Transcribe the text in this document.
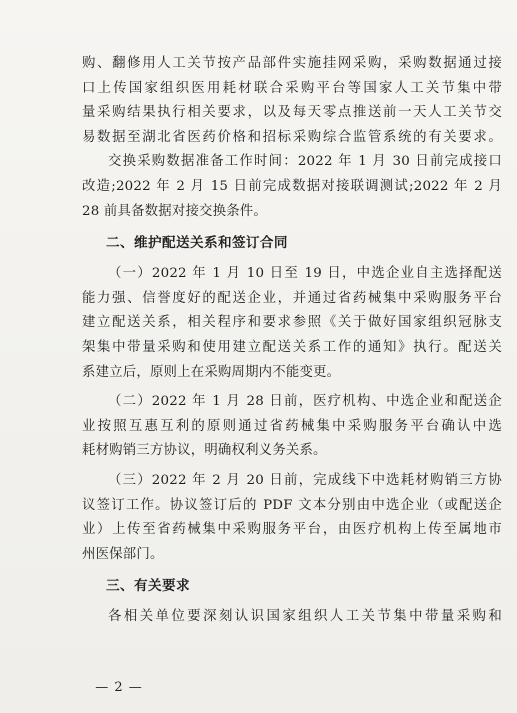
购、翻修用人工关节按产品部件实施挂网采购，采购数据通过接
口上传国家组织医用耗材联合采购平台等国家人工关节集中带
量采购结果执行相关要求，以及每天零点推送前一天人工关节交
易数据至湖北省医药价格和招标采购综合监管系统的有关要求。
交换采购数据准备工作时间：2022 年 1 月 30 日前完成接口
改造;2022 年 2 月 15 日前完成数据对接联调测试;2022 年 2 月
28 前具备数据对接交换条件。
二、维护配送关系和签订合同
（一）2022 年 1 月 10 日至 19 日，中选企业自主选择配送
能力强、信誉度好的配送企业，并通过省药械集中采购服务平台
建立配送关系，相关程序和要求参照《关于做好国家组织冠脉支
架集中带量采购和使用建立配送关系工作的通知》执行。配送关
系建立后，原则上在采购周期内不能变更。
（二）2022 年 1 月 28 日前，医疗机构、中选企业和配送企
业按照互惠互利的原则通过省药械集中采购服务平台确认中选
耗材购销三方协议，明确权利义务关系。
（三）2022 年 2 月 20 日前，完成线下中选耗材购销三方协
议签订工作。协议签订后的 PDF 文本分别由中选企业（或配送企
业）上传至省药械集中采购服务平台，由医疗机构上传至属地市
州医保部门。
三、有关要求
各相关单位要深刻认识国家组织人工关节集中带量采购和
— 2 —
